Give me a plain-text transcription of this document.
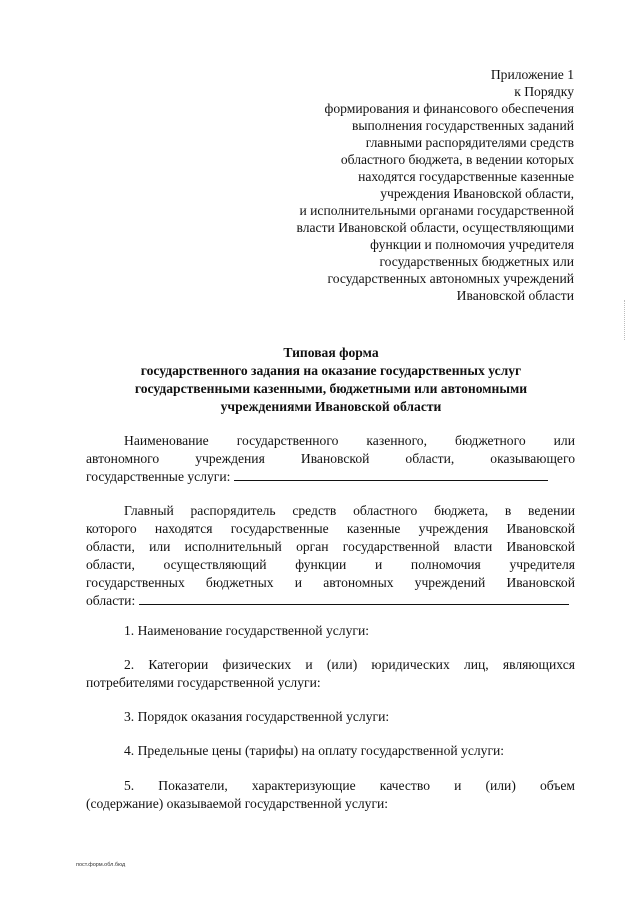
Приложение 1
к Порядку
формирования и финансового обеспечения
выполнения государственных заданий
главными распорядителями средств
областного бюджета, в ведении которых
находятся государственные казенные
учреждения Ивановской области,
и исполнительными органами государственной
власти Ивановской области, осуществляющими
функции и полномочия учредителя
государственных бюджетных или
государственных автономных учреждений
Ивановской области
Типовая форма
государственного задания на оказание государственных услуг
государственными казенными, бюджетными или автономными
учреждениями Ивановской области
Наименование государственного казенного, бюджетного или
автономного учреждения Ивановской области, оказывающего
государственные услуги:
Главный распорядитель средств областного бюджета, в ведении
которого находятся государственные казенные учреждения Ивановской
области, или исполнительный орган государственной власти Ивановской
области, осуществляющий функции и полномочия учредителя
государственных бюджетных и автономных учреждений Ивановской
области:
1. Наименование государственной услуги:
2. Категории физических и (или) юридических лиц, являющихся
потребителями государственной услуги:
3. Порядок оказания государственной услуги:
4. Предельные цены (тарифы) на оплату государственной услуги:
5. Показатели, характеризующие качество и (или) объем
(содержание) оказываемой государственной услуги:
пост.форм.обл.бюд
